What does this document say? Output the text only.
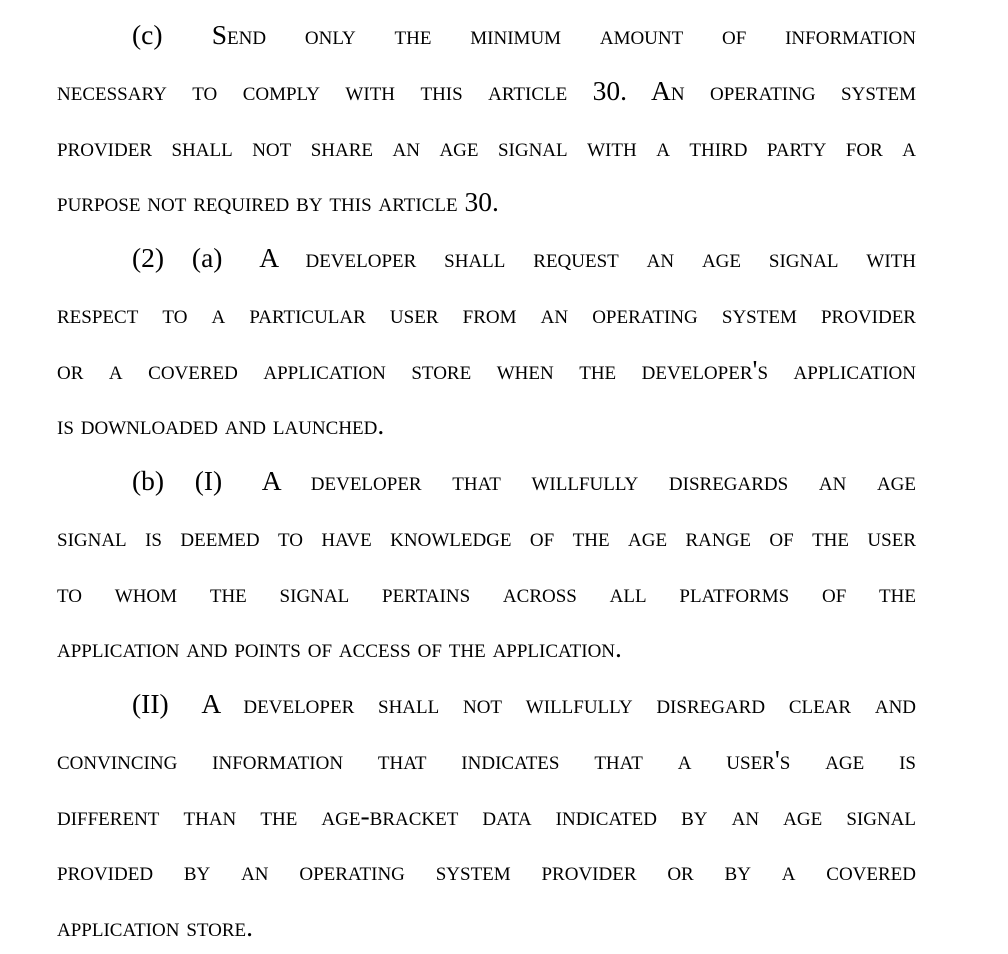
(c) Send only the minimum amount of information
necessary to comply with this article 30. An operating system
provider shall not share an age signal with a third party for a
purpose not required by this article 30.
(2) (a) A developer shall request an age signal with
respect to a particular user from an operating system provider
or a covered application store when the developer's application
is downloaded and launched.
(b) (I) A developer that willfully disregards an age
signal is deemed to have knowledge of the age range of the user
to whom the signal pertains across all platforms of the
application and points of access of the application.
(II) A developer shall not willfully disregard clear and
convincing information that indicates that a user's age is
different than the age-bracket data indicated by an age signal
provided by an operating system provider or by a covered
application store.
